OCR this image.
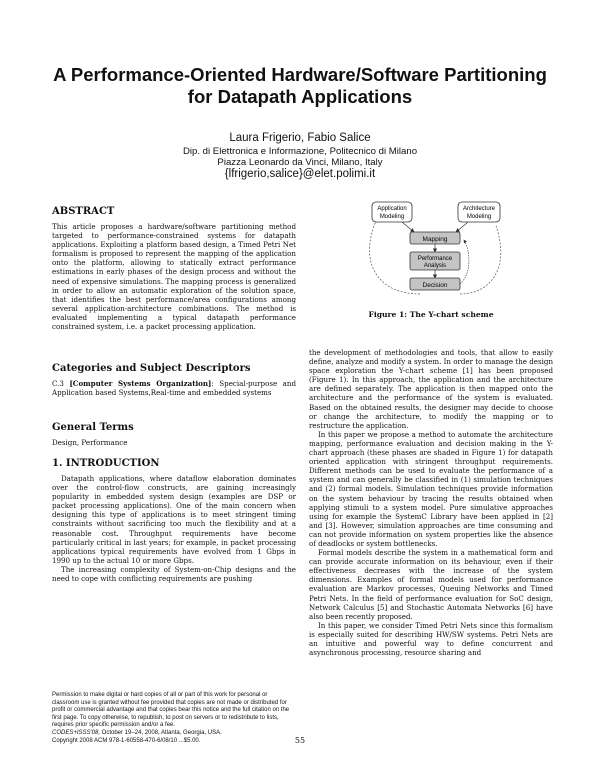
A Performance-Oriented Hardware/Software Partitioning
for Datapath Applications
Laura Frigerio, Fabio Salice
Dip. di Elettronica e Informazione, Politecnico di Milano
Piazza Leonardo da Vinci, Milano, Italy
{lfrigerio,salice}@elet.polimi.it
ABSTRACT

This article proposes a hardware/software partitioning method targeted to performance-constrained systems for datapath applications. Exploiting a platform based design, a Timed Petri Net formalism is proposed to represent the mapping of the application onto the platform, allowing to statically extract performance estimations in early phases of the design process and without the need of expensive simulations. The mapping process is generalized in order to allow an automatic exploration of the solution space, that identifies the best performance/area configurations among several application-architecture combinations. The method is evaluated implementing a typical datapath performance constrained system, i.e. a packet processing application.

Categories and Subject Descriptors

C.3 [Computer Systems Organization]: Special-purpose and Application based Systems,Real-time and embedded systems

General Terms

Design, Performance

1. INTRODUCTION

Datapath applications, where dataflow elaboration dominates over the control-flow constructs, are gaining increasingly popularity in embedded system design (examples are DSP or packet processing applications). One of the main concern when designing this type of applications is to meet stringent timing constraints without sacrificing too much the flexibility and at a reasonable cost. Throughput requirements have become particularly critical in last years; for example, in packet processing applications typical requirements have evolved from 1 Gbps in 1990 up to the actual 10 or more Gbps.

The increasing complexity of System-on-Chip designs and the need to cope with conflicting requirements are pushing

Permission to make digital or hard copies of all or part of this work for personal or classroom use is granted without fee provided that copies are not made or distributed for profit or commercial advantage and that copies bear this notice and the full citation on the first page. To copy otherwise, to republish, to post on servers or to redistribute to lists, requires prior specific permission and/or a fee.
CODES+ISSS'08, October 19–24, 2008, Atlanta, Georgia, USA.
Copyright 2008 ACM 978-1-60558-470-6/08/10 ...$5.00.
Application
Modeling
Architecture
Modeling
Mapping
Performance
Analysis
Decision
Figure 1: The Y-chart scheme

the development of methodologies and tools, that allow to easily define, analyze and modify a system. In order to manage the design space exploration the Y-chart scheme [1] has been proposed (Figure 1). In this approach, the application and the architecture are defined separately. The application is then mapped onto the architecture and the performance of the system is evaluated. Based on the obtained results, the designer may decide to choose or change the architecture, to modify the mapping or to restructure the application.

In this paper we propose a method to automate the architecture mapping, performance evaluation and decision making in the Y-chart approach (these phases are shaded in Figure 1) for datapath oriented application with stringent throughput requirements. Different methods can be used to evaluate the performance of a system and can generally be classified in (1) simulation techniques and (2) formal models. Simulation techniques provide information on the system behaviour by tracing the results obtained when applying stimuli to a system model. Pure simulative approaches using for example the SystemC Library have been applied in [2] and [3]. However, simulation approaches are time consuming and can not provide information on system properties like the absence of deadlocks or system bottlenecks.

Formal models describe the system in a mathematical form and can provide accurate information on its behaviour, even if their effectiveness decreases with the increase of the system dimensions. Examples of formal models used for performance evaluation are Markov processes, Queuing Networks and Timed Petri Nets. In the field of performance evaluation for SoC design, Network Calculus [5] and Stochastic Automata Networks [6] have also been recently proposed.

In this paper, we consider Timed Petri Nets since this formalism is especially suited for describing HW/SW systems. Petri Nets are an intuitive and powerful way to define concurrent and asynchronous processing, resource sharing and

55
